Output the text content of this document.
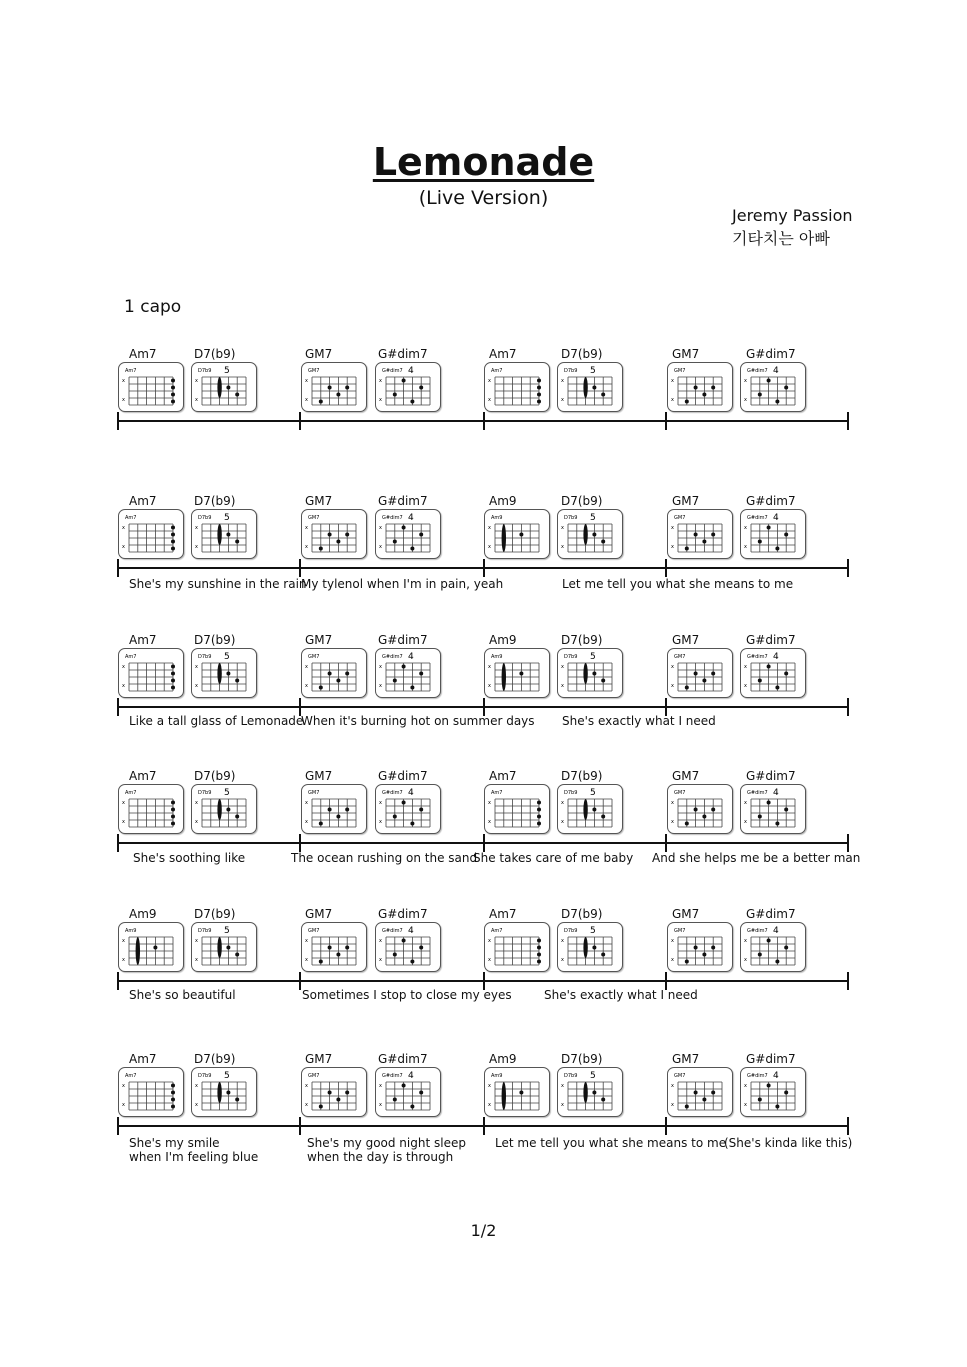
Lemonade
(Live Version)
Jeremy Passion
기타치는 아빠
1 capo
Am7
Am7
x
x
D7(b9)
D7b9 5
x
x
GM7
GM7
x
x
G#dim7
G#dim7 4
x
x
Am7
Am7
x
x
D7(b9)
D7b9 5
x
x
GM7
GM7
x
x
G#dim7
G#dim7 4
x
x
Am7
Am7
x
x
D7(b9)
D7b9 5
x
x
GM7
GM7
x
x
G#dim7
G#dim7 4
x
x
Am9
Am9
x
x
D7(b9)
D7b9 5
x
x
GM7
GM7
x
x
G#dim7
G#dim7 4
x
x
She's my sunshine in the rain
My tylenol when I'm in pain, yeah	Let me tell you what she means to me
Am7
Am7
x
x
D7(b9)
D7b9 5
x
x
GM7
GM7
x
x
G#dim7
G#dim7 4
x
x
Am9
Am9
x
x
D7(b9)
D7b9 5
x
x
GM7
GM7
x
x
G#dim7
G#dim7 4
x
x
Like a tall glass of Lemonade
When it's burning hot on summer days She's exactly what I need
Am7
Am7
x
x
D7(b9)
D7b9 5
x
x
GM7
GM7
x
x
G#dim7
G#dim7 4
x
x
Am7
Am7
x
x
D7(b9)
D7b9 5
x
x
GM7
GM7
x
x
G#dim7
G#dim7 4
x
x
She's soothing like	The ocean rushing on the sand
She takes care of me baby And she helps me be a better man
Am9
Am9
x
x
D7(b9)
D7b9 5
x
x
GM7
GM7
x
x
G#dim7
G#dim7 4
x
x
Am7
Am7
x
x
D7(b9)
D7b9 5
x
x
GM7
GM7
x
x
G#dim7
G#dim7 4
x
x
She's so beautiful	Sometimes I stop to close my eyes	She's exactly what I need
Am7
Am7
x
x
D7(b9)
D7b9 5
x
x
GM7
GM7
x
x
G#dim7
G#dim7 4
x
x
Am9
Am9
x
x
D7(b9)
D7b9 5
x
x
GM7
GM7
x
x
G#dim7
G#dim7 4
x
x
She's my smile
when I'm feeling blue
She's my good night sleep
when the day is through
Let me tell you what she means to me
(She's kinda like this)
1/2
